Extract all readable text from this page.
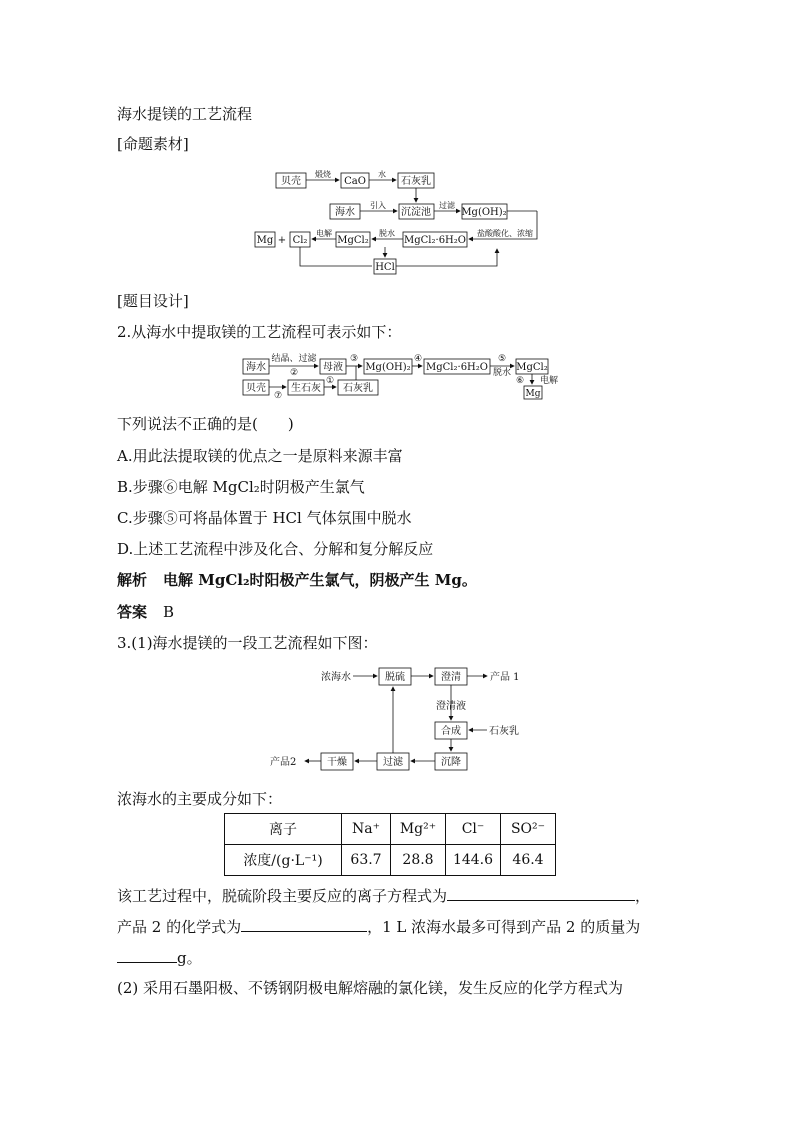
海水提镁的工艺流程
[命题素材]
贝壳	CaO	石灰乳
海水	沉淀池	Mg(OH)₂
Mg + Cl₂	MgCl₂	MgCl₂·6H₂O
HCl
煅烧	水
引入	过滤
电解	脱水	盐酸酸化、浓缩
[题目设计]
2.从海水中提取镁的工艺流程可表示如下：
海水	母液 Mg(OH)₂ MgCl₂·6H₂O	MgCl₂
Mg
贝壳	生石灰 石灰乳
结晶、过滤
②
③	④	⑤
脱水
⑥ 电解
⑦
①
下列说法不正确的是(　　)
A.用此法提取镁的优点之一是原料来源丰富
B.步骤⑥电解 MgCl₂时阴极产生氯气
C.步骤⑤可将晶体置于 HCl 气体氛围中脱水
D.上述工艺流程中涉及化合、分解和复分解反应
解析 电解 MgCl₂时阳极产生氯气，阴极产生 Mg。
答案 B
3.(1)海水提镁的一段工艺流程如下图：
浓海水	脱硫	澄清	产品 1
澄清液
合成	石灰乳
沉降
过滤
干燥
产品2
浓海水的主要成分如下：
离子	Na⁺	Mg²⁺	Cl⁻	SO²⁻
浓度/(g·L⁻¹)	63.7	28.8	144.6	46.4
该工艺过程中，脱硫阶段主要反应的离子方程式为	，
产品 2 的化学式为	，1 L 浓海水最多可得到产品 2 的质量为
g。
(2) 采用石墨阳极、不锈钢阴极电解熔融的氯化镁，发生反应的化学方程式为
